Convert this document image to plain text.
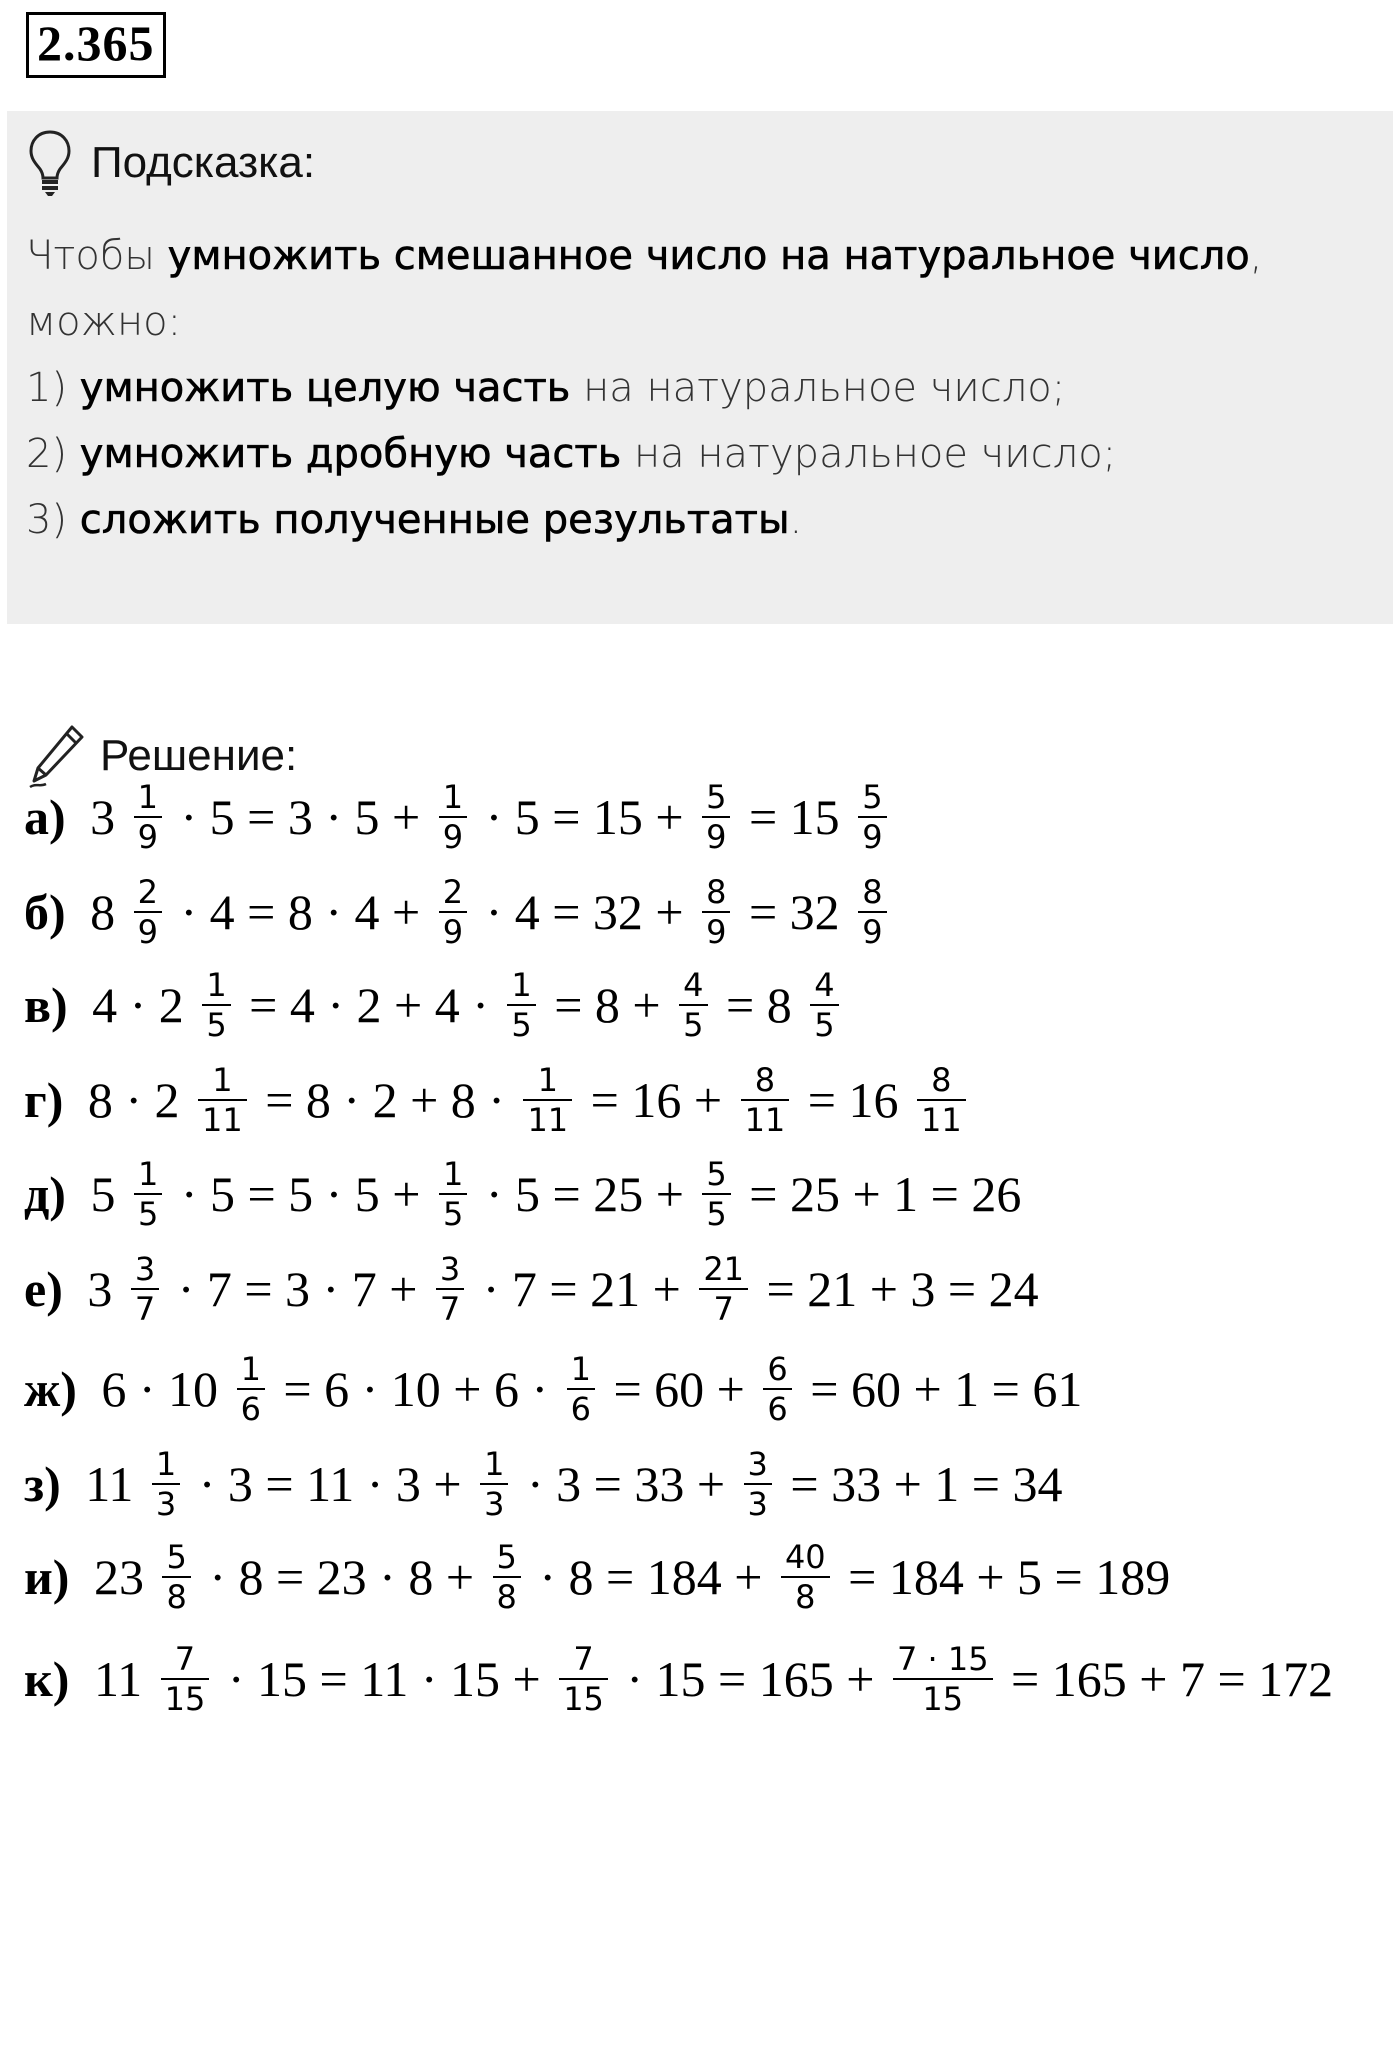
2.365
Подсказка:
Чтобы умножить смешанное число на натуральное число,
можно:
1) умножить целую часть на натуральное число;
2) умножить дробную часть на натуральное число;
3) сложить полученные результаты.
Решение:
а) $3 \frac{1}{9} \cdot 5 = 3 \cdot 5 + \frac{1}{9} \cdot 5 = 15 + \frac{5}{9} = 15 \frac{5}{9}$
б) $8 \frac{2}{9} \cdot 4 = 8 \cdot 4 + \frac{2}{9} \cdot 4 = 32 + \frac{8}{9} = 32 \frac{8}{9}$
в) $4 \cdot 2 \frac{1}{5} = 4 \cdot 2 + 4 \cdot \frac{1}{5} = 8 + \frac{4}{5} = 8 \frac{4}{5}$
г) $8 \cdot 2 \frac{1}{11} = 8 \cdot 2 + 8 \cdot \frac{1}{11} = 16 + \frac{8}{11} = 16 \frac{8}{11}$
д) $5 \frac{1}{5} \cdot 5 = 5 \cdot 5 + \frac{1}{5} \cdot 5 = 25 + \frac{5}{5} = 25 + 1 = 26$
е) $3 \frac{3}{7} \cdot 7 = 3 \cdot 7 + \frac{3}{7} \cdot 7 = 21 + \frac{21}{7} = 21 + 3 = 24$
ж) $6 \cdot 10 \frac{1}{6} = 6 \cdot 10 + 6 \cdot \frac{1}{6} = 60 + \frac{6}{6} = 60 + 1 = 61$
з) $11 \frac{1}{3} \cdot 3 = 11 \cdot 3 + \frac{1}{3} \cdot 3 = 33 + \frac{3}{3} = 33 + 1 = 34$
и) $23 \frac{5}{8} \cdot 8 = 23 \cdot 8 + \frac{5}{8} \cdot 8 = 184 + \frac{40}{8} = 184 + 5 = 189$
к) $11 \frac{7}{15} \cdot 15 = 11 \cdot 15 + \frac{7}{15} \cdot 15 = 165 + \frac{7 \cdot 15}{15} = 165 + 7 = 172$
